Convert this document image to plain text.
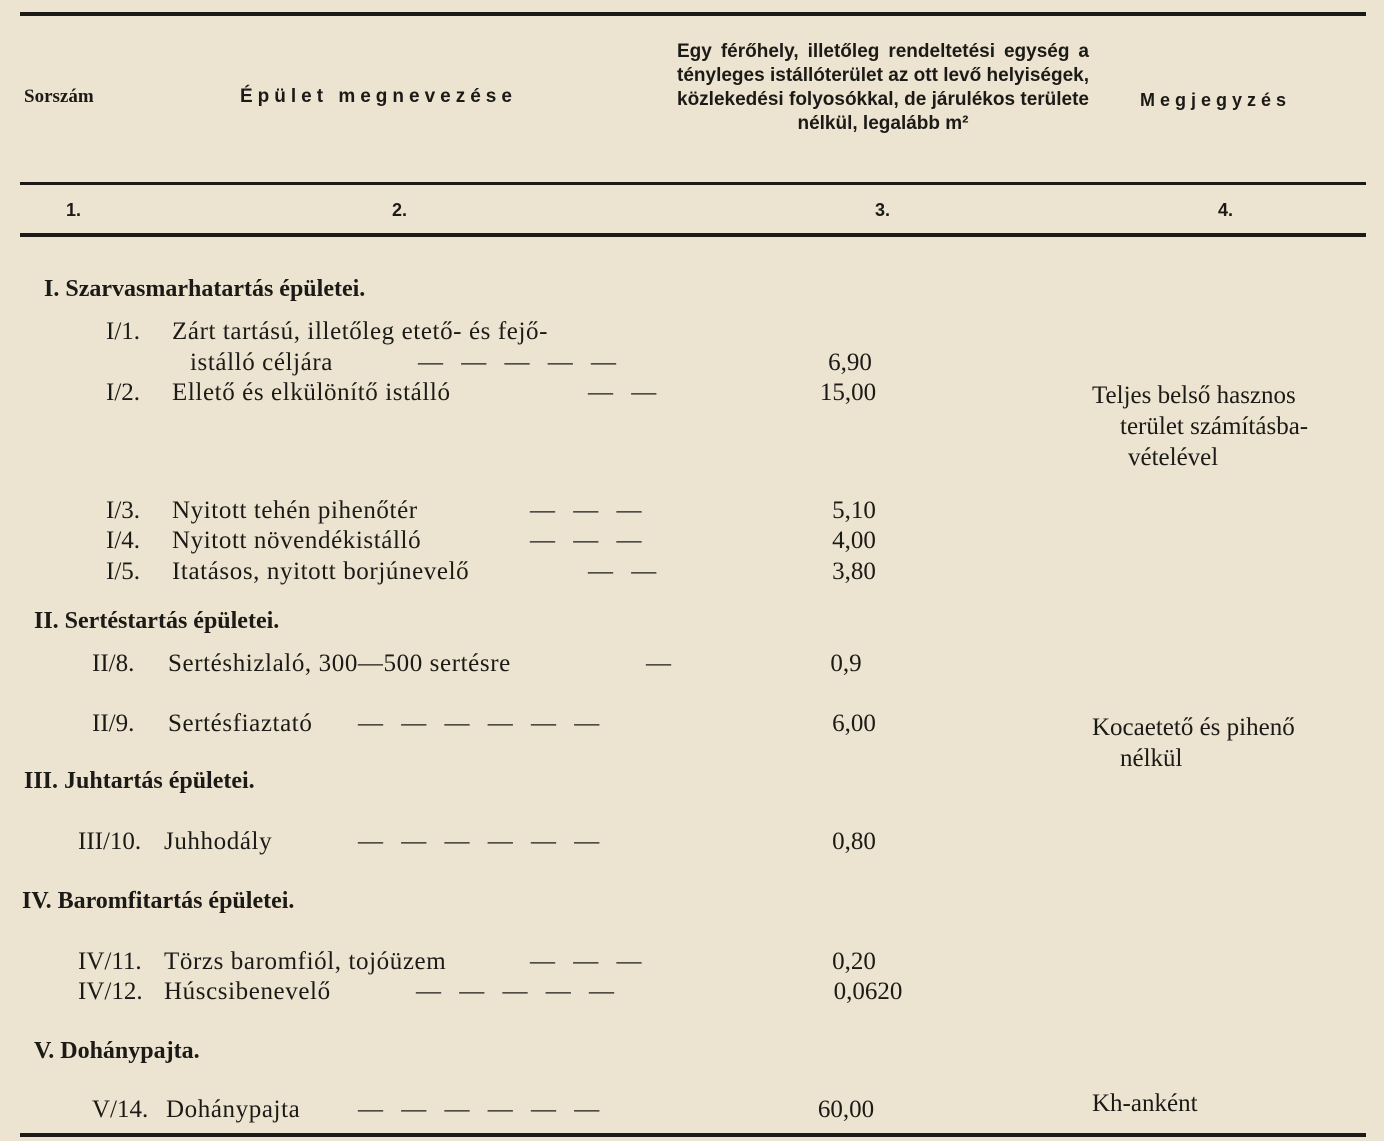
Sorszám	Épület megnevezése
Egy férőhely, illetőleg rendeltetési egység a tényleges istállóterület az ott levő helyiségek, közlekedési folyosókkal, de járulékos területe nélkül, legalább m²
Megjegyzés
1.	2.	3.	4.
I. Szarvasmarhatartás épületei.
I/1. Zárt tartású, illetőleg etető- és fejő-
istálló céljára	— — — — —	6,90
I/2. Ellető és elkülönítő istálló	— —	15,00	Teljes belső hasznos
terület számításba-
vételével
I/3. Nyitott tehén pihenőtér	— — —	5,10
I/4. Nyitott növendékistálló	— — —	4,00
I/5. Itatásos, nyitott borjúnevelő	— —	3,80
II. Sertéstartás épületei.
II/8. Sertéshizlaló, 300—500 sertésre	—	0,9
II/9. Sertésfiaztató — — — — — —	6,00	Kocaetető és pihenő
nélkül
III. Juhtartás épületei.
III/10. Juhhodály	— — — — — —	0,80
IV. Baromfitartás épületei.
IV/11. Törzs baromfiól, tojóüzem	— — —	0,20
IV/12. Húscsibenevelő	— — — — —	0,0620
V. Dohánypajta.
V/14. Dohánypajta — — — — — —	60,00	Kh-anként
